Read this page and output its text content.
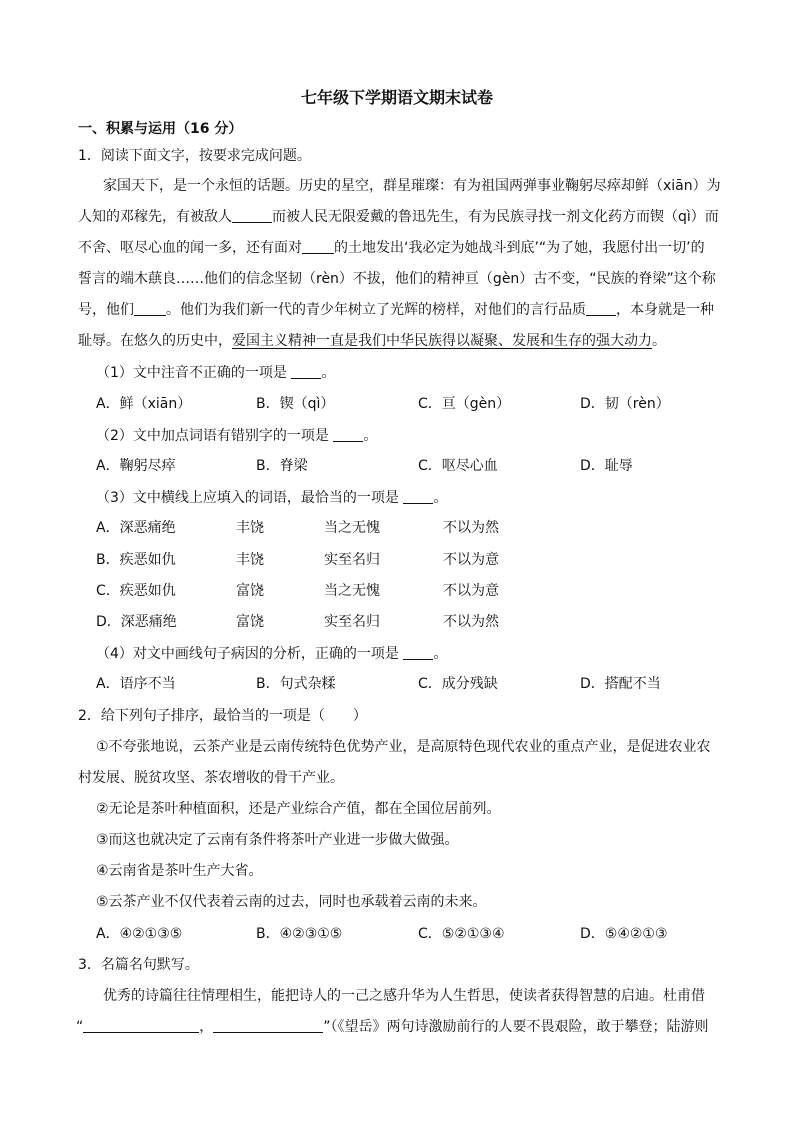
七年级下学期语文期末试卷
一、积累与运用（16 分）
1．阅读下面文字，按要求完成问题。
家国天下，是一个永恒的话题。历史的星空，群星璀璨：有为祖国两弹事业鞠躬尽瘁却鲜（xiān）为
人知的邓稼先，有被敌人	而被人民无限爱戴的鲁迅先生，有为民族寻找一剂文化药方而锲（qì）而
不舍、呕尽心血的闻一多，还有面对 的土地发出‘我必定为她战斗到底’“为了她，我愿付出一切’的
誓言的端木蕻良……他们的信念坚韧（rèn）不拔，他们的精神亘（gèn）古不变，“民族的脊梁”这个称
号，他们 。他们为我们新一代的青少年树立了光辉的榜样，对他们的言行品质 ，本身就是一种
耻辱。在悠久的历史中，爱国主义精神一直是我们中华民族得以凝聚、发展和生存的强大动力。
（1）文中注音不正确的一项是 。
A．鲜（xiān）	B．锲（qì）	C．亘（gèn）	D．韧（rèn）
（2）文中加点词语有错别字的一项是 。
A．鞠躬尽瘁	B．脊梁	C．呕尽心血	D．耻辱
（3）文中横线上应填入的词语，最恰当的一项是 。
A．深恶痛绝	丰饶	当之无愧	不以为然
B．疾恶如仇	丰饶	实至名归	不以为意
C．疾恶如仇	富饶	当之无愧	不以为意
D．深恶痛绝	富饶	实至名归	不以为然
（4）对文中画线句子病因的分析，正确的一项是 。
A．语序不当	B．句式杂糅	C．成分残缺	D．搭配不当
2．给下列句子排序，最恰当的一项是（　　）
①不夸张地说，云茶产业是云南传统特色优势产业，是高原特色现代农业的重点产业，是促进农业农
村发展、脱贫攻坚、茶农增收的骨干产业。
②无论是茶叶种植面积，还是产业综合产值，都在全国位居前列。
③而这也就决定了云南有条件将茶叶产业进一步做大做强。
④云南省是茶叶生产大省。
⑤云茶产业不仅代表着云南的过去，同时也承载着云南的未来。
A．④②①③⑤	B．④②③①⑤	C．⑤②①③④	D．⑤④②①③
3．名篇名句默写。
优秀的诗篇往往情理相生，能把诗人的一己之感升华为人生哲思，使读者获得智慧的启迪。杜甫借
“	，	”（《望岳》两句诗激励前行的人要不畏艰险，敢于攀登；陆游则
